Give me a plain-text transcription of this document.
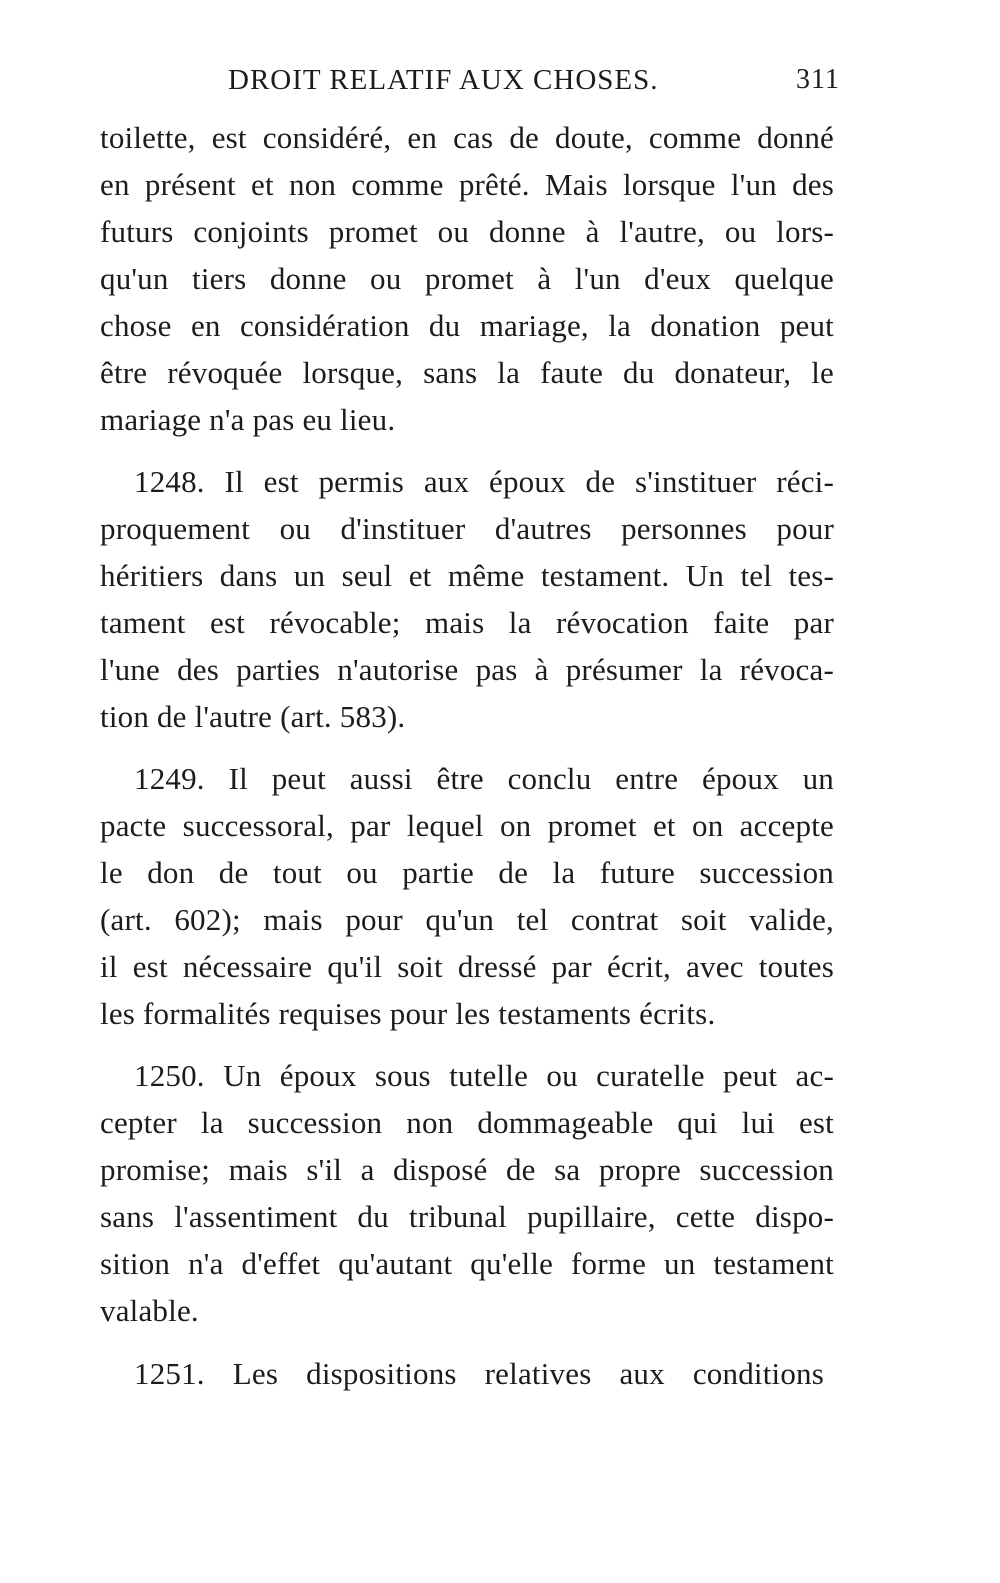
DROIT RELATIF AUX CHOSES.	311
toilette, est considéré, en cas de doute, comme donné
en présent et non comme prêté. Mais lorsque l'un des
futurs conjoints promet ou donne à l'autre, ou lors-
qu'un tiers donne ou promet à l'un d'eux quelque
chose en considération du mariage, la donation peut
être révoquée lorsque, sans la faute du donateur, le
mariage n'a pas eu lieu.
1248. Il est permis aux époux de s'instituer réci-
proquement ou d'instituer d'autres personnes pour
héritiers dans un seul et même testament. Un tel tes-
tament est révocable; mais la révocation faite par
l'une des parties n'autorise pas à présumer la révoca-
tion de l'autre (art. 583).
1249. Il peut aussi être conclu entre époux un
pacte successoral, par lequel on promet et on accepte
le don de tout ou partie de la future succession
(art. 602); mais pour qu'un tel contrat soit valide,
il est nécessaire qu'il soit dressé par écrit, avec toutes
les formalités requises pour les testaments écrits.
1250. Un époux sous tutelle ou curatelle peut ac-
cepter la succession non dommageable qui lui est
promise; mais s'il a disposé de sa propre succession
sans l'assentiment du tribunal pupillaire, cette dispo-
sition n'a d'effet qu'autant qu'elle forme un testament
valable.
1251. Les dispositions relatives aux conditions
